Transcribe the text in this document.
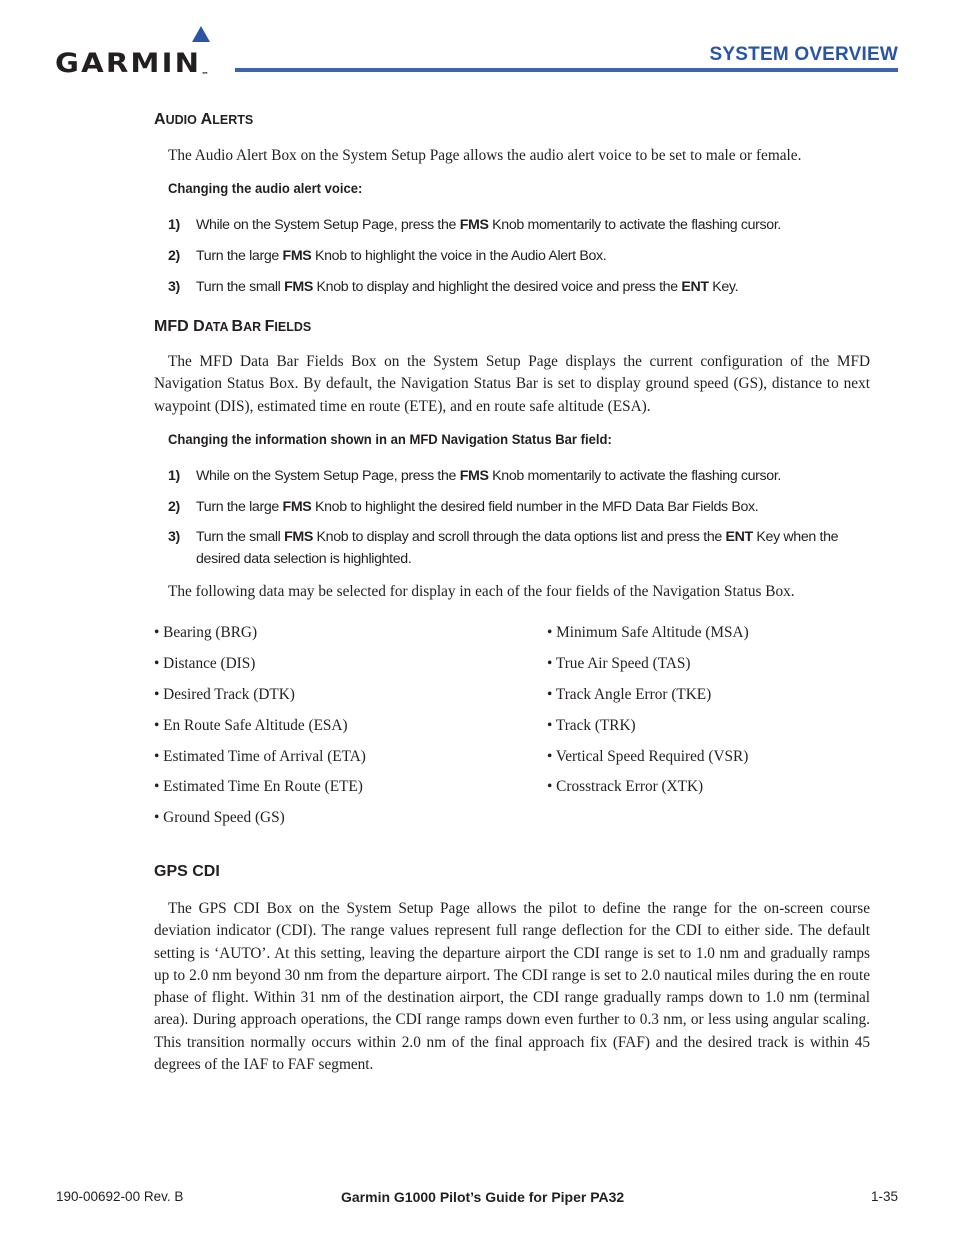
GARMIN™
SYSTEM OVERVIEW
AUDIO ALERTS
The Audio Alert Box on the System Setup Page allows the audio alert voice to be set to male or female.
Changing the audio alert voice:
1) While on the System Setup Page, press the FMS Knob momentarily to activate the flashing cursor.
2) Turn the large FMS Knob to highlight the voice in the Audio Alert Box.
3) Turn the small FMS Knob to display and highlight the desired voice and press the ENT Key.
MFD DATA BAR FIELDS
The MFD Data Bar Fields Box on the System Setup Page displays the current configuration of the MFD Navigation Status Box. By default, the Navigation Status Bar is set to display ground speed (GS), distance to next waypoint (DIS), estimated time en route (ETE), and en route safe altitude (ESA).
Changing the information shown in an MFD Navigation Status Bar field:
1) While on the System Setup Page, press the FMS Knob momentarily to activate the flashing cursor.
2) Turn the large FMS Knob to highlight the desired field number in the MFD Data Bar Fields Box.
3) Turn the small FMS Knob to display and scroll through the data options list and press the ENT Key when the desired data selection is highlighted.
The following data may be selected for display in each of the four fields of the Navigation Status Box.
• Bearing (BRG)
• Distance (DIS)
• Desired Track (DTK)
• En Route Safe Altitude (ESA)
• Estimated Time of Arrival (ETA)
• Estimated Time En Route (ETE)
• Ground Speed (GS)
• Minimum Safe Altitude (MSA)
• True Air Speed (TAS)
• Track Angle Error (TKE)
• Track (TRK)
• Vertical Speed Required (VSR)
• Crosstrack Error (XTK)
GPS CDI
The GPS CDI Box on the System Setup Page allows the pilot to define the range for the on-screen course deviation indicator (CDI). The range values represent full range deflection for the CDI to either side. The default setting is ‘AUTO’. At this setting, leaving the departure airport the CDI range is set to 1.0 nm and gradually ramps up to 2.0 nm beyond 30 nm from the departure airport. The CDI range is set to 2.0 nautical miles during the en route phase of flight. Within 31 nm of the destination airport, the CDI range gradually ramps down to 1.0 nm (terminal area). During approach operations, the CDI range ramps down even further to 0.3 nm, or less using angular scaling. This transition normally occurs within 2.0 nm of the final approach fix (FAF) and the desired track is within 45 degrees of the IAF to FAF segment.
190-00692-00 Rev. B	Garmin G1000 Pilot’s Guide for Piper PA32	1-35
